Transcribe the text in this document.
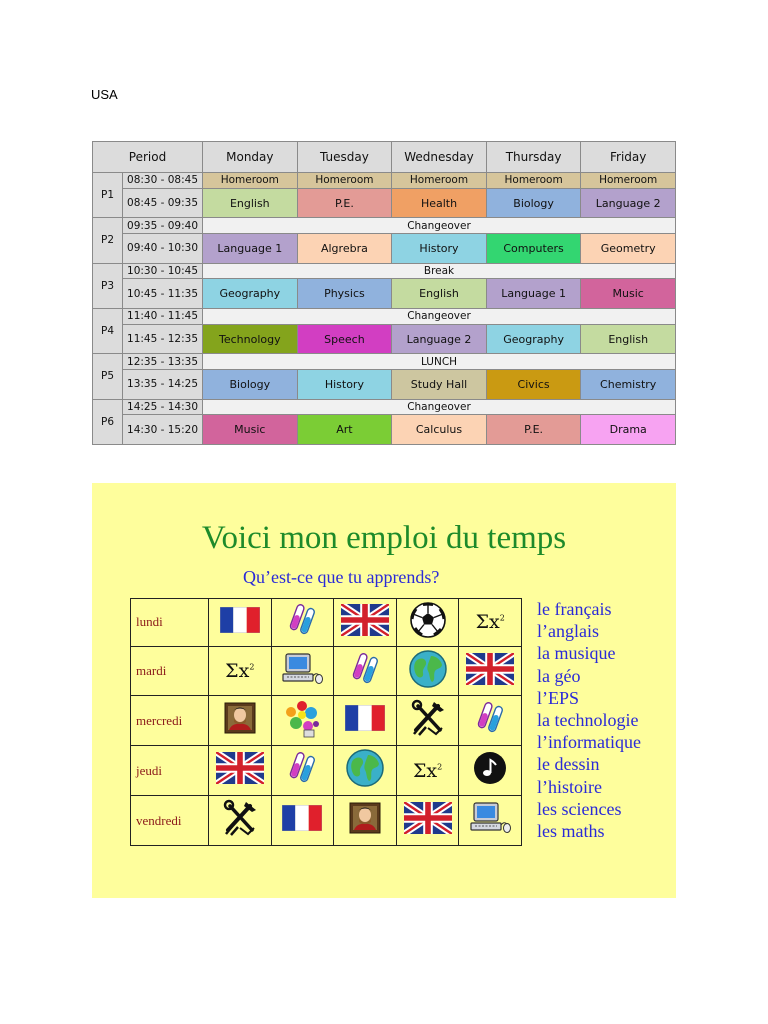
USA
Period		Monday	Tuesday	Wednesday	Thursday	Friday
P1	08:30 - 08:45	Homeroom	Homeroom	Homeroom	Homeroom	Homeroom
	08:45 - 09:35	English	P.E.	Health	Biology	Language 2
P2	09:35 - 09:40	Changeover				
	09:40 - 10:30	Language 1	Algrebra	History	Computers	Geometry
P3	10:30 - 10:45	Break				
	10:45 - 11:35	Geography	Physics	English	Language 1	Music
P4	11:40 - 11:45	Changeover				
	11:45 - 12:35	Technology	Speech	Language 2	Geography	English
P5	12:35 - 13:35	LUNCH				
	13:35 - 14:25	Biology	History	Study Hall	Civics	Chemistry
P6	14:25 - 14:30	Changeover				
	14:30 - 15:20	Music	Art	Calculus	P.E.	Drama
Voici mon emploi du temps
Qu’est-ce que tu apprends?
lundi					$\Sigma x^2$
mardi	$\Sigma x^2$				
mercredi					
jeudi				$\Sigma x^2$	
vendredi					
le français
l’anglais
la musique
la géo
l’EPS
la technologie
l’informatique
le dessin
l’histoire
les sciences
les maths
